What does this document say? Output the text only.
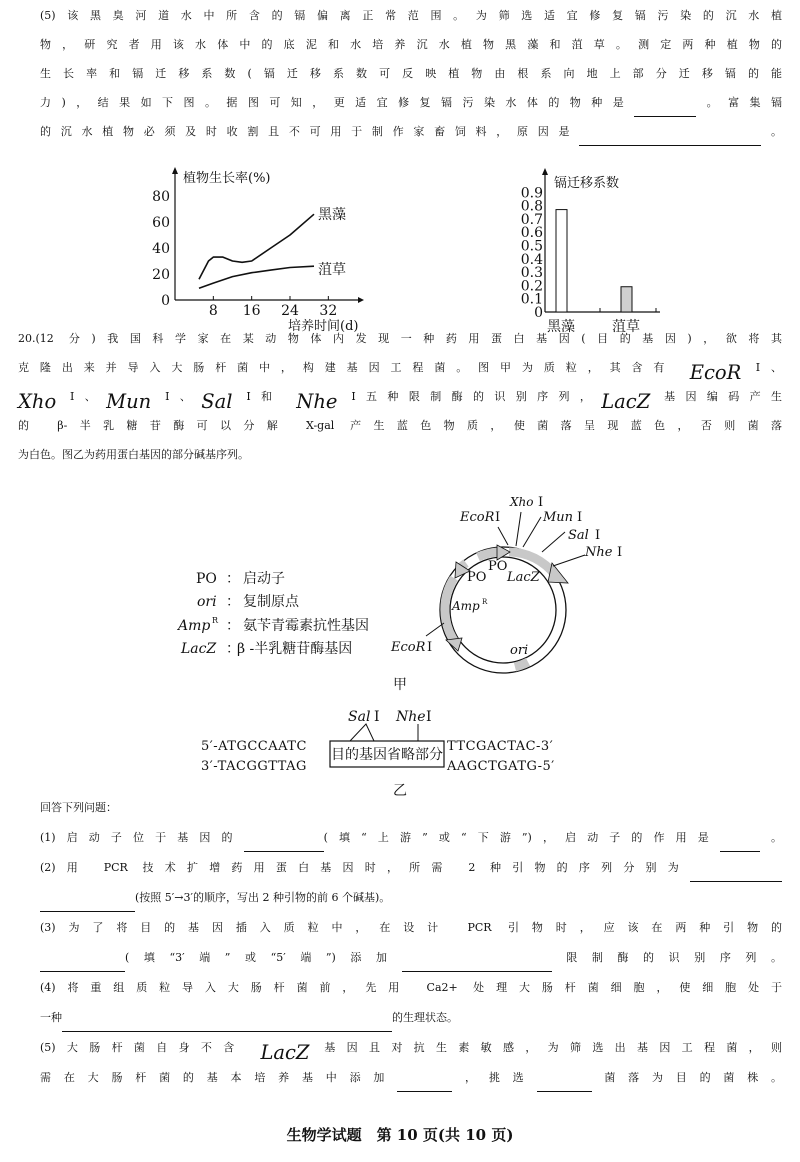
$^{(5)该黑臭河道水中所含的镉偏离正常范围。为筛选适宜修复镉污染的沉水植}$
$^{物,研究者用该水体中的底泥和水培养沉水植物黑藻和菹草。测定两种植物的}$
$^{生长率和镉迁移系数(镉迁移系数可反映植物由根系向地上部分迁移镉的能}$
$^{力),结果如下图。据图可知,更适宜修复镉污染水体的物种是}$	$^{。富集镉}$
$^{的沉水植物必须及时收割且不可用于制作家畜饲料,原因是}$	。
0
20
40
60
80
8 16 24 32
植物生长率(%)
培养时间(d)
黑藻
菹草
0
0.1
0.2
0.3
0.4
0.5
0.6
0.7
0.8
0.9
镉迁移系数
黑藻	菹草
$^{20.(12 分)我国科学家在某动物体内发现一种药用蛋白基因(目的基因),欲将其}$
$^{克隆出来并导入大肠杆菌中,构建基因工程菌。图甲为质粒,其含有}$ EcoR $^{Ⅰ、}$
Xho $^{Ⅰ、}$Mun $^{Ⅰ、}$Sal $^{Ⅰ和}$ Nhe $^{Ⅰ五种限制酶的识别序列,}$LacZ $^{基因编码产生}$
$^{的 \beta-半乳糖苷酶可以分解 X-gal 产生蓝色物质,使菌落呈现蓝色,否则菌落}$
$^{为白色。图乙为药用蛋白基因的部分碱基序列。}$
PO ： 启动子
ori ： 复制原点
Amp R ： 氨苄青霉素抗性基因
LacZ ：
β -半乳糖苷酶基因
EcoR Ⅰ
Xho Ⅰ
Mun Ⅰ
Sal Ⅰ
Nhe Ⅰ
EcoR Ⅰ
PO
PO
LacZ
Amp R
ori
甲
Sal Ⅰ Nhe Ⅰ
目的基因省略部分
5′-ATGCCAATC
3′-TACGGTTAG
TTCGACTAC-3′
AAGCTGATG-5′
乙
$^{回答下列问题:}$
$^{(1)启动子位于基因的}$	$^{(填“上游”或“下游”),启动子的作用是}$	。
$^{(2)用 PCR 技术扩增药用蛋白基因时,所需 2 种引物的序列分别为}$
$^{(按照 5'\to 3'的顺序,写出 2 种引物的前 6 个碱基)。}$
$^{(3)为了将目的基因插入质粒中,在设计 PCR 引物时,应该在两种引物的}$
$^{(填“3'端”或“5'端”)添加}$	$^{限制酶的识别序列。}$
$^{(4)将重组质粒导入大肠杆菌前,先用 Ca2+}$ $^{处理大肠杆菌细胞,使细胞处于}$
$^{一种}$	$^{的生理状态。}$
$^{(5)大肠杆菌自身不含}$ LacZ $^{基因且对抗生素敏感,为筛选出基因工程菌,则}$
$^{需在大肠杆菌的基本培养基中添加}$	$^{,挑选}$	$^{菌落为目的菌株。}$
生物学试题　第 10 页(共 10 页)
